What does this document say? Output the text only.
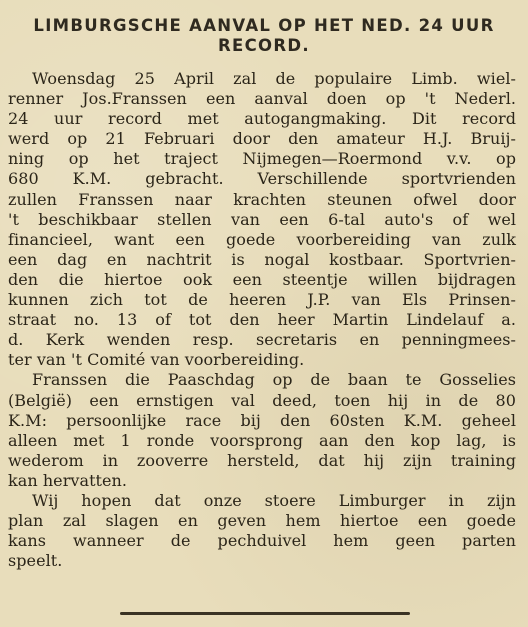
LIMBURGSCHE AANVAL OP HET NED. 24 UUR
RECORD.
Woensdag 25 April zal de populaire Limb. wiel-
renner Jos.Franssen een aanval doen op 't Nederl.
24 uur record met autogangmaking. Dit record
werd op 21 Februari door den amateur H.J. Bruij-
ning op het traject Nijmegen—Roermond v.v. op
680 K.M. gebracht. Verschillende sportvrienden
zullen Franssen naar krachten steunen ofwel door
't beschikbaar stellen van een 6-tal auto's of wel
financieel, want een goede voorbereiding van zulk
een dag en nachtrit is nogal kostbaar. Sportvrien-
den die hiertoe ook een steentje willen bijdragen
kunnen zich tot de heeren J.P. van Els Prinsen-
straat no. 13 of tot den heer Martin Lindelauf a.
d. Kerk wenden resp. secretaris en penningmees-
ter van 't Comité van voorbereiding.
Franssen die Paaschdag op de baan te Gosselies
(België) een ernstigen val deed, toen hij in de 80
K.M: persoonlijke race bij den 60sten K.M. geheel
alleen met 1 ronde voorsprong aan den kop lag, is
wederom in zooverre hersteld, dat hij zijn training
kan hervatten.
Wij hopen dat onze stoere Limburger in zijn
plan zal slagen en geven hem hiertoe een goede
kans wanneer de pechduivel hem geen parten
speelt.
